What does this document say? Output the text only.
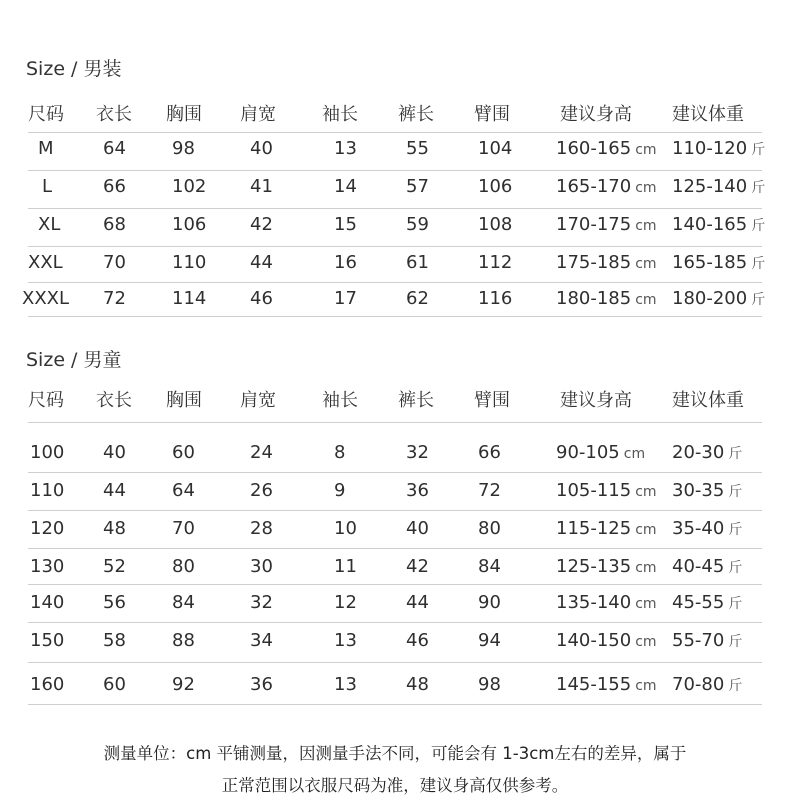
Size / 男装
尺码 衣长 胸围 肩宽	袖长 裤长 臂围	建议身高 建议体重
M	64	98	40	13	55	104 160-165 cm 110-120 斤
L	66	102 41	14	57	106 165-170 cm 125-140 斤
XL 68	106 42	15	59	108 170-175 cm 140-165 斤
XXL 70	110 44	16	61	112 175-185 cm 165-185 斤
XXXL 72	114 46	17	62	116 180-185 cm 180-200 斤
Size / 男童
尺码 衣长 胸围 肩宽	袖长 裤长 臂围	建议身高 建议体重
100 40	60	24	8	32	66	90-105 cm 20-30 斤
110 44	64	26	9	36	72	105-115 cm 30-35 斤
120 48	70	28	10	40	80	115-125 cm 35-40 斤
130 52	80	30	11	42	84	125-135 cm 40-45 斤
140 56	84	32	12	44	90	135-140 cm 45-55 斤
150 58	88	34	13	46	94	140-150 cm 55-70 斤
160 60	92	36	13	48	98	145-155 cm 70-80 斤
测量单位：cm 平铺测量，因测量手法不同，可能会有 1-3cm左右的差异，属于
正常范围以衣服尺码为准，建议身高仅供参考。
